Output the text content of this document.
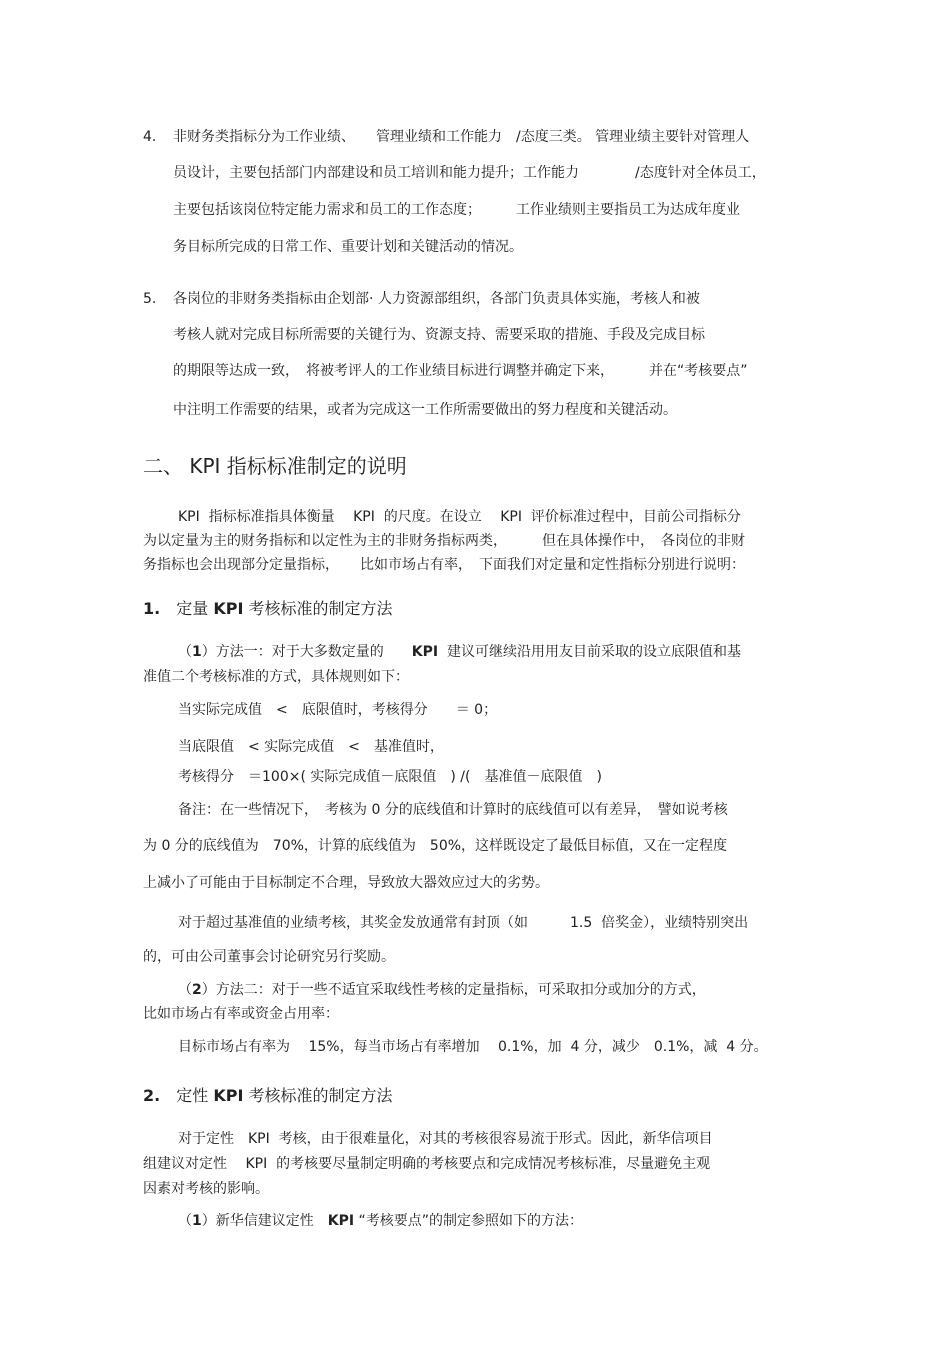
4. 非财务类指标分为工作业绩、　　管理业绩和工作能力　/态度三类。 管理业绩主要针对管理人
员设计，主要包括部门内部建设和员工培训和能力提升；工作能力　　　　/态度针对全体员工，
主要包括该岗位特定能力需求和员工的工作态度；　　　工作业绩则主要指员工为达成年度业
务目标所完成的日常工作、重要计划和关键活动的情况。
5. 各岗位的非财务类指标由企划部· 人力资源部组织，各部门负责具体实施，考核人和被
考核人就对完成目标所需要的关键行为、资源支持、需要采取的措施、手段及完成目标
的期限等达成一致，　将被考评人的工作业绩目标进行调整并确定下来，　　　并在“考核要点”
中注明工作需要的结果，或者为完成这一工作所需要做出的努力程度和关键活动。
二、 KPI 指标标准制定的说明
KPI  指标标准指具体衡量　 KPI  的尺度。在设立　 KPI  评价标准过程中，目前公司指标分
为以定量为主的财务指标和以定性为主的非财务指标两类，　　　但在具体操作中，　各岗位的非财
务指标也会出现部分定量指标，　　比如市场占有率，　下面我们对定量和定性指标分别进行说明：
1. 定量 KPI 考核标准的制定方法
（1）方法一：对于大多数定量的　　KPI  建议可继续沿用用友目前采取的设立底限值和基
准值二个考核标准的方式，具体规则如下：
当实际完成值　<　底限值时，考核得分　　＝ 0；
当底限值　< 实际完成值　<　基准值时，
考核得分　＝100×( 实际完成值－底限值　) /(　基准值－底限值　)
备注：在一些情况下，　考核为 0 分的底线值和计算时的底线值可以有差异，　譬如说考核
为 0 分的底线值为　70%，计算的底线值为　50%，这样既设定了最低目标值，又在一定程度
上减小了可能由于目标制定不合理，导致放大器效应过大的劣势。
对于超过基准值的业绩考核，其奖金发放通常有封顶（如　　　1.5  倍奖金），业绩特别突出
的，可由公司董事会讨论研究另行奖励。
（2）方法二：对于一些不适宜采取线性考核的定量指标，可采取扣分或加分的方式，
比如市场占有率或资金占用率：
目标市场占有率为　 15%，每当市场占有率增加　 0.1%，加  4 分，减少　0.1%，减  4 分。
2. 定性 KPI 考核标准的制定方法
对于定性　KPI  考核，由于很难量化，对其的考核很容易流于形式。因此，新华信项目
组建议对定性　 KPI  的考核要尽量制定明确的考核要点和完成情况考核标准，尽量避免主观
因素对考核的影响。
（1）新华信建议定性　KPI “考核要点”的制定参照如下的方法：
